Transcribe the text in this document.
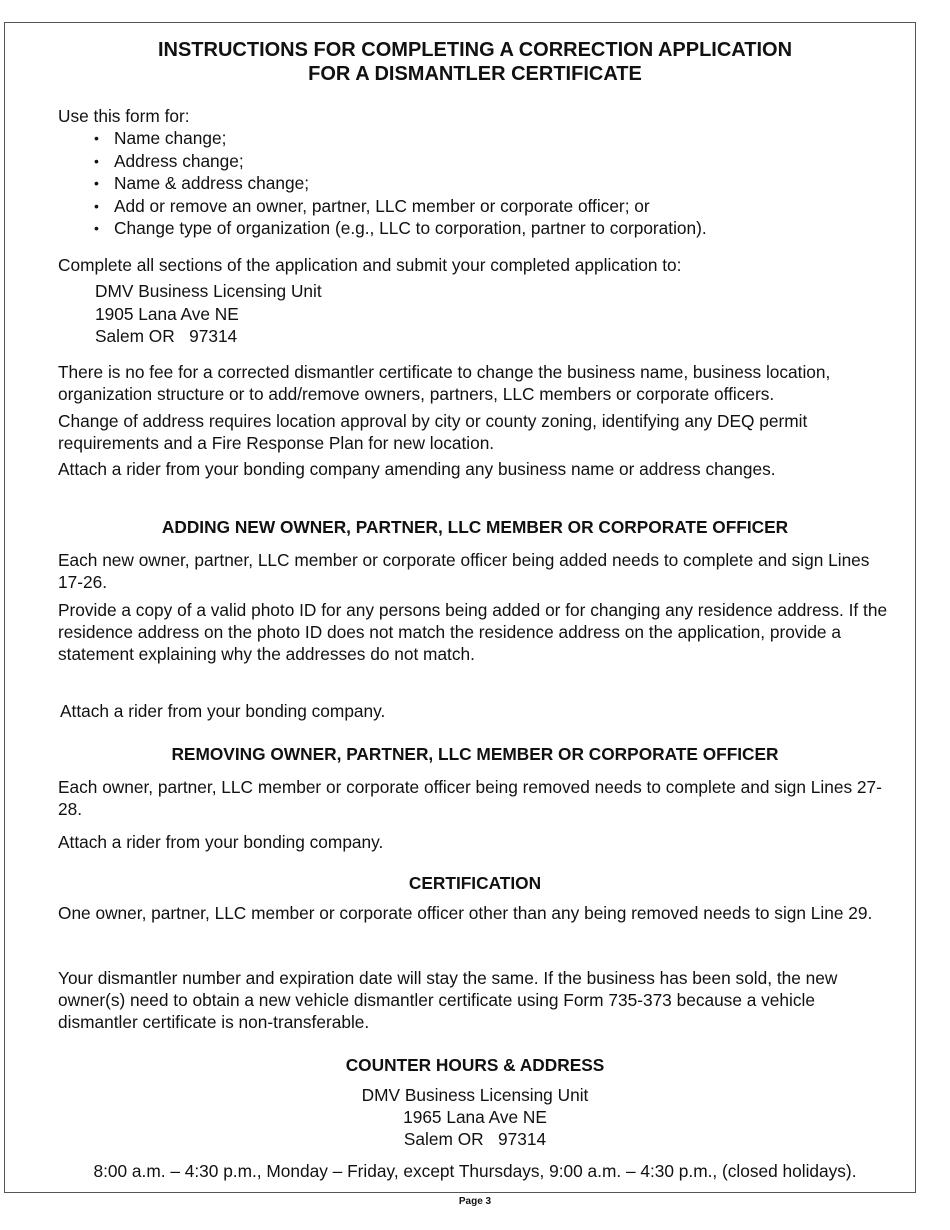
INSTRUCTIONS FOR COMPLETING A CORRECTION APPLICATION
FOR A DISMANTLER CERTIFICATE

Use this form for:

• Name change;
• Address change;
• Name & address change;
• Add or remove an owner, partner, LLC member or corporate officer; or
• Change type of organization (e.g., LLC to corporation, partner to corporation).

Complete all sections of the application and submit your completed application to:

DMV Business Licensing Unit
1905 Lana Ave NE
Salem OR   97314

There is no fee for a corrected dismantler certificate to change the business name, business location, organization structure or to add/remove owners, partners, LLC members or corporate officers.

Change of address requires location approval by city or county zoning, identifying any DEQ permit requirements and a Fire Response Plan for new location.

Attach a rider from your bonding company amending any business name or address changes.

ADDING NEW OWNER, PARTNER, LLC MEMBER OR CORPORATE OFFICER

Each new owner, partner, LLC member or corporate officer being added needs to complete and sign Lines 17-26.

Provide a copy of a valid photo ID for any persons being added or for changing any residence address. If the residence address on the photo ID does not match the residence address on the application, provide a statement explaining why the addresses do not match.

Attach a rider from your bonding company.

REMOVING OWNER, PARTNER, LLC MEMBER OR CORPORATE OFFICER

Each owner, partner, LLC member or corporate officer being removed needs to complete and sign Lines 27-28.

Attach a rider from your bonding company.

CERTIFICATION

One owner, partner, LLC member or corporate officer other than any being removed needs to sign Line 29.

Your dismantler number and expiration date will stay the same. If the business has been sold, the new owner(s) need to obtain a new vehicle dismantler certificate using Form 735-373 because a vehicle dismantler certificate is non-transferable.

COUNTER HOURS & ADDRESS
DMV Business Licensing Unit
1965 Lana Ave NE
Salem OR   97314

8:00 a.m. – 4:30 p.m., Monday – Friday, except Thursdays, 9:00 a.m. – 4:30 p.m., (closed holidays).

Page 3
